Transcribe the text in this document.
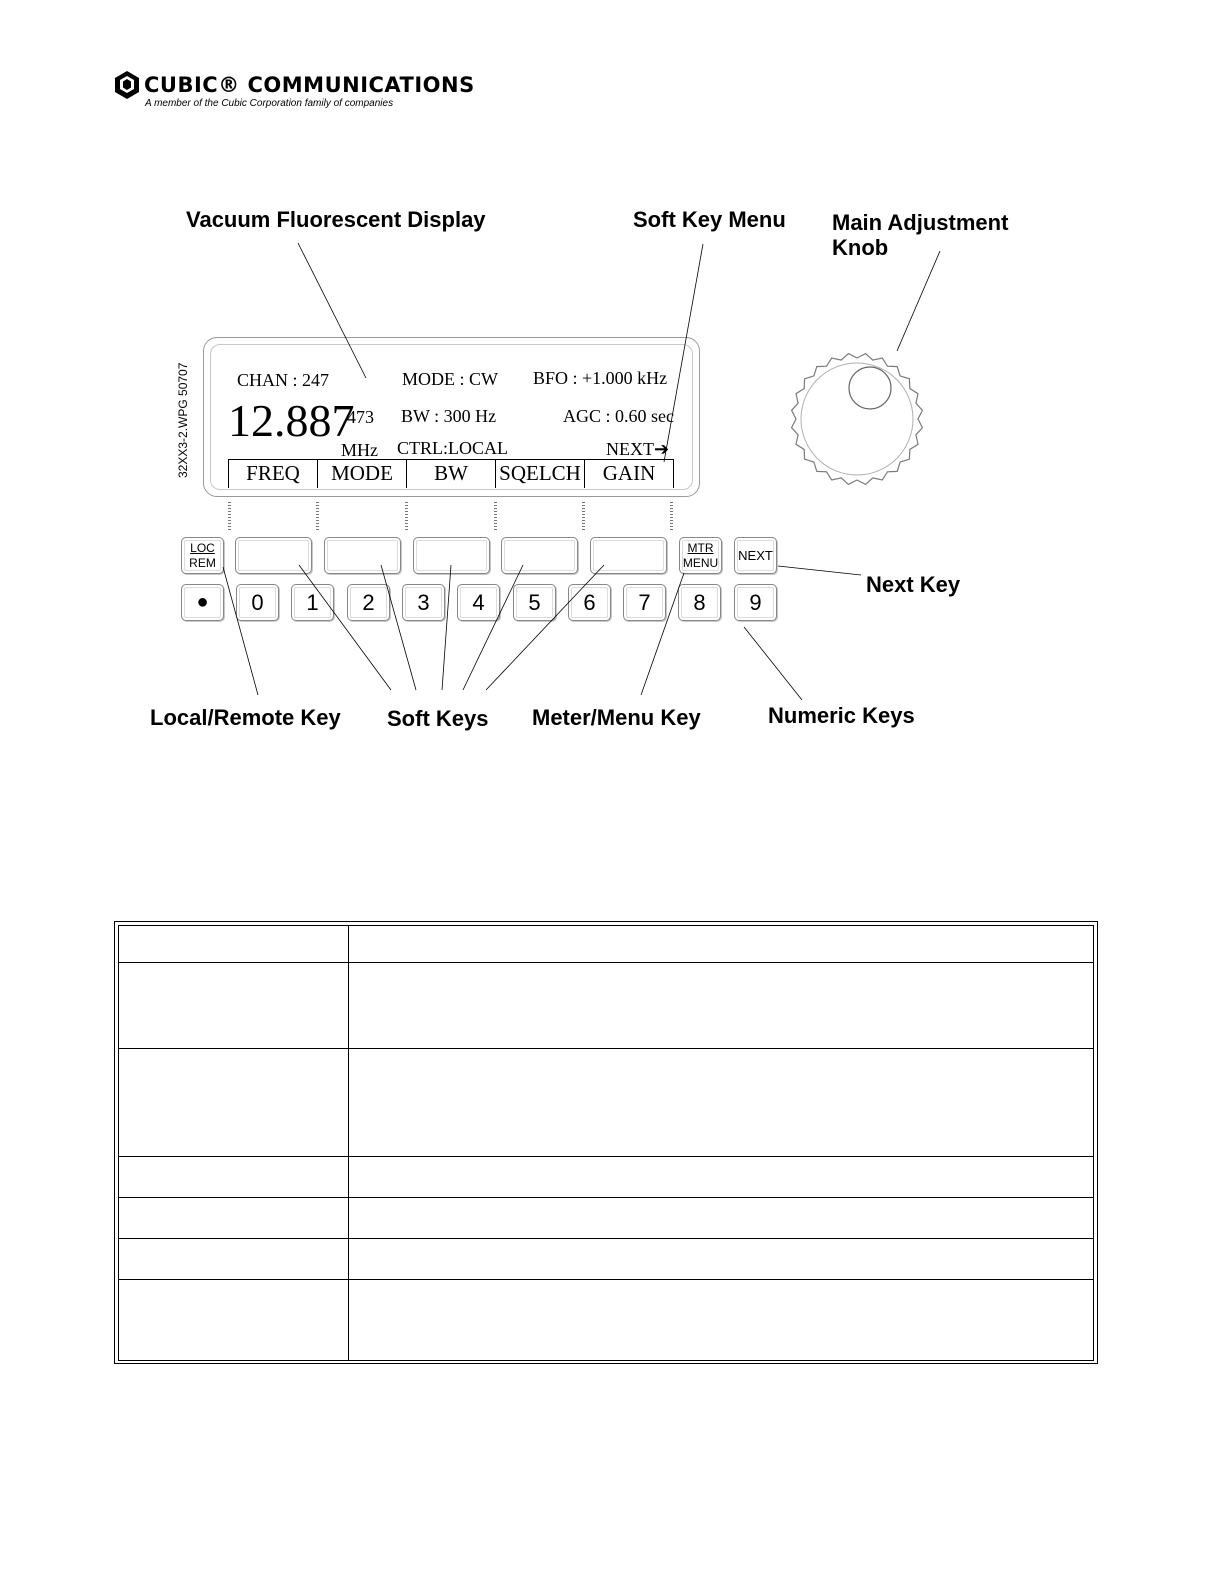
CUBIC® COMMUNICATIONS
A member of the Cubic Corporation family of companies
Vacuum Fluorescent Display	Soft Key Menu Main Adjustment
Knob
Next Key
Local/Remote Key Soft Keys Meter/Menu Key	Numeric Keys
32XX3-2.WPG 50707	CHAN : 247	MODE : CW BFO : +1.000 kHz
12.887
473 BW : 300 Hz	AGC : 0.60 sec
MHz CTRL:LOCAL	NEXT➔
FREQ	MODE	BW	SQELCH	GAIN
LOC
REM
MTR
MENU NEXT
●	0	1	2	3	4	5	6	7	8	9
